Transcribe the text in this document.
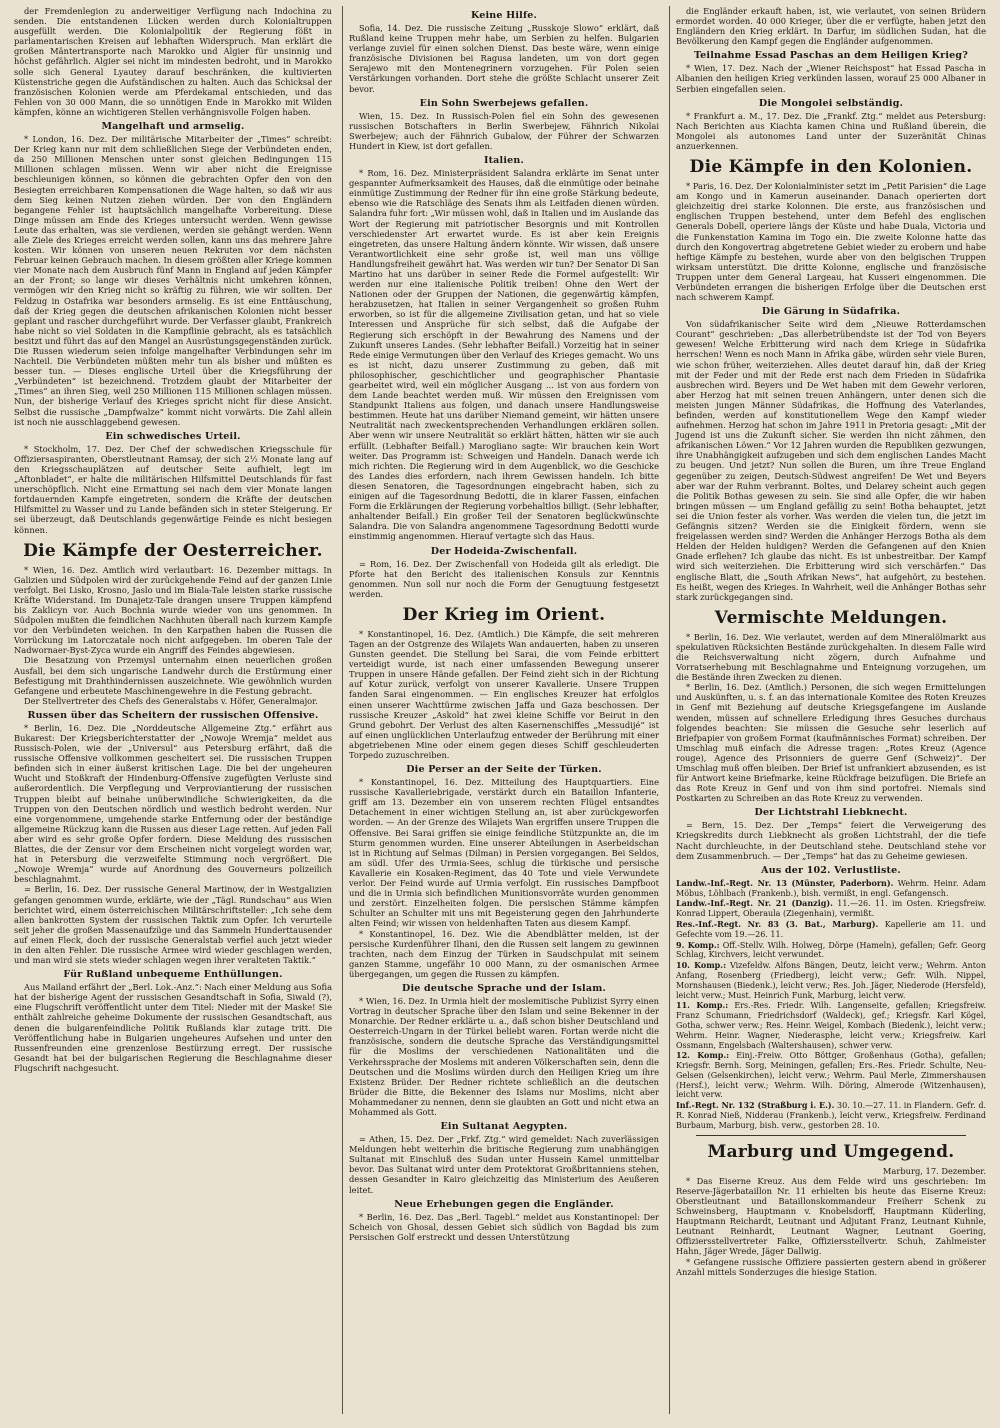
der Fremdenlegion zu anderweitiger Verfügung nach Indochina zu senden. Die entstandenen Lücken werden durch Kolonialtruppen ausgefüllt werden. Die Kolonialpolitik der Regierung fößt in parlamentarischen Kreisen auf lebhaften Widerspruch. Man erklärt die großen Mäntertransporte nach Marokko und Algier für unsinnig und höchst gefährlich. Algier sei nicht im mindesten bedroht, und in Marokko solle sich General Lyautey darauf beschränken, die kultivierten Küstenstriche gegen die Aufständischen zu halten. Auch das Schicksal der französischen Kolonien werde am Pferdekamal entschieden, und das Fehlen von 30 000 Mann, die so unnötigen Ende in Marokko mit Wilden kämpfen, könne an wichtigeren Stellen verhängnisvolle Folgen haben.

Mangelhaft und armselig.

* London, 16. Dez. Der militärische Mitarbeiter der „Times“ schreibt: Der Krieg kann nur mit dem schließlichen Siege der Verbündeten enden, da 250 Millionen Menschen unter sonst gleichen Bedingungen 115 Millionen schlagen müssen. Wenn wir aber nicht die Ereignisse beschleunigen können, so können die gebrachten Opfer den von den Besiegten erreichbaren Kompensationen die Wage halten, so daß wir aus dem Sieg keinen Nutzen ziehen würden. Der von den Engländern begangene Fehler ist hauptsächlich mangelhafte Vorbereitung. Diese Dinge müssen am Ende des Krieges untersucht werden. Wenn gewisse Leute das erhalten, was sie verdienen, werden sie gehängt werden. Wenn alle Ziele des Krieges erreicht werden sollen, kann uns das mehrere Jahre kosten. Wir können von unseren neuen Rekruten vor dem nächsten Februar keinen Gebrauch machen. In diesem größten aller Kriege kommen vier Monate nach dem Ausbruch fünf Mann in England auf jeden Kämpfer an der Front; so lange wir dieses Verhältnis nicht umkehren können, vermögen wir den Krieg nicht so kräftig zu führen, wie wir sollten. Der Feldzug in Ostafrika war besonders armselig. Es ist eine Enttäuschung, daß der Krieg gegen die deutschen afrikanischen Kolonien nicht besser geplant und rascher durchgeführt wurde. Der Verfasser glaubt, Frankreich habe nicht so viel Soldaten in die Kampflinie gebracht, als es tatsächlich besitzt und führt das auf den Mangel an Ausrüstungsgegenständen zurück. Die Russen wiederum seien infolge mangelhafter Verbindungen sehr im Nachteil. Die Verbündeten müßten mehr tun als bisher und müßten es besser tun. — Dieses englische Urteil über die Kriegsführung der „Verbündeten“ ist bezeichnend. Trotzdem glaubt der Mitarbeiter der „Times“ an ihren Sieg, weil 250 Millionen 115 Millionen schlagen müssen. Nun, der bisherige Verlauf des Krieges spricht nicht für diese Ansicht. Selbst die russische „Dampfwalze“ kommt nicht vorwärts. Die Zahl allein ist noch nie ausschlaggebend gewesen.

Ein schwedisches Urteil.

* Stockholm, 17. Dez. Der Chef der schwedischen Kriegsschule für Offiziersaspiranten, Oberstleutnant Ramsay, der sich 2½ Monate lang auf den Kriegsschauplätzen auf deutscher Seite aufhielt, legt im „Aftonbladet“, er halte die militärischen Hilfsmittel Deutschlands für fast unerschöpflich. Nicht eine Ermattung sei nach dem vier Monate langen fortdauernden Kampfe eingetreten, sondern die Kräfte der deutschen Hilfsmittel zu Wasser und zu Lande befänden sich in steter Steigerung. Er sei überzeugt, daß Deutschlands gegenwärtige Feinde es nicht besiegen können.

Die Kämpfe der Oesterreicher.

* Wien, 16. Dez. Amtlich wird verlautbart: 16. Dezember mittags. In Galizien und Südpolen wird der zurückgehende Feind auf der ganzen Linie verfolgt. Bei Lisko, Krosno, Jaslo und im Biala-Tale leisten starke russische Kräfte Widerstand. Im Dunajetz-Tale drangen unsere Truppen kämpfend bis Zaklicyn vor. Auch Bochnia wurde wieder von uns genommen. In Südpolen mußten die feindlichen Nachhuten überall nach kurzem Kampfe vor den Verbündeten weichen. In den Karpathen haben die Russen die Vorrückung im Latorczatale noch nicht aufgegeben. Im oberen Tale der Nadwornaer-Byst-Zyca wurde ein Angriff des Feindes abgewiesen.

Die Besatzung von Przemysl unternahm einen neuerlichen großen Ausfall, bei dem sich ungarische Landwehr durch die Erstürmung einer Befestigung mit Drahthindernissen auszeichnete. Wie gewöhnlich wurden Gefangene und erbeutete Maschinengewehre in die Festung gebracht.

Der Stellvertreter des Chefs des Generalstabs v. Höfer, Generalmajor.

Russen über das Scheitern der russischen Offensive.

* Berlin, 16. Dez. Die „Norddeutsche Allgemeine Ztg.“ erfährt aus Bukarest: Der Kriegsberichterstatter der „Nowoje Wremja“ meldet aus Russisch-Polen, wie der „Universul“ aus Petersburg erfährt, daß die russische Offensive vollkommen gescheitert sei. Die russischen Truppen befinden sich in einer äußerst kritischen Lage. Die bei der ungeheuren Wucht und Stoßkraft der Hindenburg-Offensive zugefügten Verluste sind außerordentlich. Die Verpflegung und Verproviantierung der russischen Truppen bleibt auf beinahe unüberwindliche Schwierigkeiten, da die Truppen von den Deutschen nördlich und westlich bedroht werden. Nur eine vorgenommene, umgehende starke Entfernung oder der beständige allgemeine Rückzug kann die Russen aus dieser Lage retten. Auf jeden Fall aber wird es sehr große Opfer fordern. Diese Meldung des russischen Blattes, die der Zensur vor dem Erscheinen nicht vorgelegt worden war, hat in Petersburg die verzweifelte Stimmung noch vergrößert. Die „Nowoje Wremja“ wurde auf Anordnung des Gouverneurs polizeilich beschlagnahmt.

= Berlin, 16. Dez. Der russische General Martinow, der in Westgalizien gefangen genommen wurde, erklärte, wie der „Tägl. Rundschau“ aus Wien berichtet wird, einem österreichischen Militärschriftsteller: „Ich sehe dem allen bankrotten System der russischen Taktik zum Opfer. Ich verurteile seit jeher die großen Massenaufzüge und das Sammeln Hunderttausender auf einen Fleck, doch der russische Generalstab verfiel auch jetzt wieder in den alten Fehler. Die russische Armee wird wieder geschlagen werden, und man wird sie stets wieder schlagen wegen ihrer veralteten Taktik.“

Für Rußland unbequeme Enthüllungen.

Aus Mailand erfährt der „Berl. Lok.-Anz.“: Nach einer Meldung aus Sofia hat der bisherige Agent der russischen Gesandtschaft in Sofia, Siwald (?), eine Flugschrift veröffentlicht unter dem Titel: Nieder mit der Maske! Sie enthält zahlreiche geheime Dokumente der russischen Gesandtschaft, aus denen die bulgarenfeindliche Politik Rußlands klar zutage tritt. Die Veröffentlichung habe in Bulgarien ungeheures Aufsehen und unter den Russenfreunden eine grenzenlose Bestürzung erregt. Der russische Gesandt hat bei der bulgarischen Regierung die Beschlagnahme dieser Flugschrift nachgesucht.

Keine Hilfe.

Sofia, 14. Dez. Die russische Zeitung „Russkoje Slowo“ erklärt, daß Rußland keine Truppen mehr habe, um Serbien zu helfen. Bulgarien verlange zuviel für einen solchen Dienst. Das beste wäre, wenn einige französische Divisionen bei Ragusa landeten, um von dort gegen Serajewo mit den Montenegrinern vorzugehen. Für Polen seien Verstärkungen vorhanden. Dort stehe die größte Schlacht unserer Zeit bevor.

Ein Sohn Swerbejews gefallen.

Wien, 15. Dez. In Russisch-Polen fiel ein Sohn des gewesenen russischen Botschafters in Berlin Swerbejew, Fähnrich Nikolai Swerbejew; auch der Fähnrich Gubalow, der Führer der Schwarzen Hundert in Kiew, ist dort gefallen.

Italien.

* Rom, 16. Dez. Ministerpräsident Salandra erklärte im Senat unter gespannter Aufmerksamkeit des Hauses, daß die einmütige oder beinahe einmütige Zustimmung der Redner für ihn eine große Stärkung bedeute, ebenso wie die Ratschläge des Senats ihm als Leitfaden dienen würden. Salandra fuhr fort: „Wir müssen wohl, daß in Italien und im Auslande das Wort der Regierung mit patriotischer Besorgnis und mit Kontrollen verschiedenster Art erwartet wurde. Es ist aber kein Ereignis eingetreten, das unsere Haltung ändern könnte. Wir wissen, daß unsere Verantwortlichkeit eine sehr große ist, weil man uns völlige Handlungsfreiheit gewährt hat. Was werden wir tun? Der Senator Di San Martino hat uns darüber in seiner Rede die Formel aufgestellt: Wir werden nur eine italienische Politik treiben! Ohne den Wert der Nationen oder der Gruppen der Nationen, die gegenwärtig kämpfen, herabzusetzen, hat Italien in seiner Vergangenheit so großen Ruhm erworben, so ist für die allgemeine Zivilisation getan, und hat so viele Interessen und Ansprüche für sich selbst, daß die Aufgabe der Regierung sich erschöpft in der Bewahrung des Namens und der Zukunft unseres Landes. (Sehr lebhafter Beifall.) Vorzeitig hat in seiner Rede einige Vermutungen über den Verlauf des Krieges gemacht. Wo uns es ist nicht, dazu unserer Zustimmung zu geben, daß mit philosophischer, geschichtlicher und geographischer Phantasie gearbeitet wird, weil ein möglicher Ausgang ... ist von aus fordern von dem Lande beachtet werden muß. Wir müssen den Ereignissen vom Standpunkt Italiens aus folgen, und danach unsere Handlungsweise bestimmen. Heute hat uns darüber Niemand gemeint, wir hätten unsere Neutralität nach zweckentsprechenden Verhandlungen erklären sollen. Aber wenn wir unsere Neutralität so erklärt hätten, hätten wir sie auch erfüllt. (Lebhafter Beifall.) Marogliano sagte: Wir brauchen kein Wort weiter. Das Programm ist: Schweigen und Handeln. Danach werde ich mich richten. Die Regierung wird in dem Augenblick, wo die Geschicke des Landes dies erfordern, nach ihrem Gewissen handeln. Ich bitte diesen Senatoren, die Tagesordnungen eingebracht haben, sich zu einigen auf die Tagesordnung Bedotti, die in klarer Fassen, einfachen Form die Erklärungen der Regierung vorbehaltlos billigt. (Sehr lebhafter, anhaltender Beifall.) Ein großer Teil der Senatoren beglückwünschte Salandra. Die von Salandra angenommene Tagesordnung Bedotti wurde einstimmig angenommen. Hierauf vertagte sich das Haus.

Der Hodeida-Zwischenfall.

= Rom, 16. Dez. Der Zwischenfall von Hodeida gilt als erledigt. Die Pforte hat den Bericht des italienischen Konsuls zur Kenntnis genommen. Nun soll nur noch die Form der Genugtuung festgesetzt werden.

Der Krieg im Orient.

* Konstantinopel, 16. Dez. (Amtlich.) Die Kämpfe, die seit mehreren Tagen an der Ostgrenze des Wilajets Wan andauerten, haben zu unseren Gunsten geendet. Die Stellung bei Sarai, die vom Feinde erbittert verteidigt wurde, ist nach einer umfassenden Bewegung unserer Truppen in unsere Hände gefallen. Der Feind zieht sich in der Richtung auf Kotur zurück, verfolgt von unserer Kavallerie. Unsere Truppen fanden Sarai eingenommen. — Ein englisches Kreuzer hat erfolglos einen unserer Wachttürme zwischen Jaffa und Gaza beschossen. Der russische Kreuzer „Askold“ hat zwei kleine Schiffe vor Beirut in den Grund gebohrt. Der Verlust des alten Kasernenschiffes „Messudijé“ ist auf einen unglücklichen Unterlaufzug entweder der Berührung mit einer abgetriebenen Mine oder einem gegen dieses Schiff geschleuderten Torpedo zuzuschreiben.

Die Perser an der Seite der Türken.

* Konstantinopel, 16. Dez. Mitteilung des Hauptquartiers. Eine russische Kavalleriebrigade, verstärkt durch ein Bataillon Infanterie, griff am 13. Dezember ein von unserem rechten Flügel entsandtes Detachement in einer wichtigen Stellung an, ist aber zurückgeworfen worden. — An der Grenze des Wilajets Wan ergriffen unsere Truppen die Offensive. Bei Sarai griffen sie einige feindliche Stützpunkte an, die im Sturm genommen wurden. Eine unserer Abteilungen in Aserbeidschan ist in Richtung auf Selmas (Dilman) in Persien vorgegangen. Bei Seldos, am südl. Ufer des Urmia-Sees, schlug die türkische und persische Kavallerie ein Kosaken-Regiment, das 40 Tote und viele Verwundete verlor. Der Feind wurde auf Urmia verfolgt. Ein russisches Dampfboot und die in Urmia sich befindlichen Munitionsvorräte wurden genommen und zerstört. Einzelheiten folgen. Die persischen Stämme kämpfen Schulter an Schulter mit uns mit Begeisterung gegen den Jahrhunderte alten Feind; wir wissen von heldenhaften Taten aus diesem Kampf.

* Konstantinopel, 16. Dez. Wie die Abendblätter melden, ist der persische Kurdenführer Ilhani, den die Russen seit langem zu gewinnen trachten, nach dem Einzug der Türken in Saudschpulat mit seinem ganzen Stamme, ungefähr 10 000 Mann, zu der osmanischen Armee übergegangen, um gegen die Russen zu kämpfen.

Die deutsche Sprache und der Islam.

* Wien, 16. Dez. In Urmia hielt der moslemitische Publizist Syrry einen Vortrag in deutscher Sprache über den Islam und seine Bekenner in der Monarchie. Der Redner erklärte u. a., daß schon bisher Deutschland und Oesterreich-Ungarn in der Türkei beliebt waren. Fortan werde nicht die französische, sondern die deutsche Sprache das Verständigungsmittel für die Moslims der verschiedenen Nationalitäten und die Verkehrssprache der Moslems mit anderen Völkerschaften sein, denn die Deutschen und die Moslims würden durch den Heiligen Krieg um ihre Existenz Brüder. Der Redner richtete schließlich an die deutschen Brüder die Bitte, die Bekenner des Islams nur Moslims, nicht aber Mohammedaner zu nennen, denn sie glaubten an Gott und nicht etwa an Mohammed als Gott.

Ein Sultanat Aegypten.

= Athen, 15. Dez. Der „Frkf. Ztg.“ wird gemeldet: Nach zuverlässigen Meldungen hebt weiterhin die britische Regierung zum unabhängigen Sultanat mit Einschluß des Sudan unter Hussein Kamel unmittelbar bevor. Das Sultanat wird unter dem Protektorat Großbritanniens stehen, dessen Gesandter in Kairo gleichzeitig das Ministerium des Aeußeren leitet.

Neue Erhebungen gegen die Engländer.

* Berlin, 16. Dez. Das „Berl. Tagebl.“ meldet aus Konstantinopel: Der Scheich von Ghosal, dessen Gebiet sich südlich von Bagdad bis zum Persischen Golf erstreckt und dessen Unterstützung

die Engländer erkauft haben, ist, wie verlautet, von seinen Brüdern ermordet worden. 40 000 Krieger, über die er verfügte, haben jetzt den Engländern den Krieg erklärt. In Darfur, im südlichen Sudan, hat die Bevölkerung den Kampf gegen die Engländer aufgenommen.

Teilnahme Essad Paschas an dem Heiligen Krieg?

* Wien, 17. Dez. Nach der „Wiener Reichspost“ hat Essad Pascha in Albanien den heiligen Krieg verkünden lassen, worauf 25 000 Albaner in Serbien eingefallen seien.

Die Mongolei selbständig.

* Frankfurt a. M., 17. Dez. Die „Frankf. Ztg.“ meldet aus Petersburg: Nach Berichten aus Kiachta kamen China und Rußland überein, die Mongolei als autonomes Land unter der Suzeränität Chinas anzuerkennen.

Die Kämpfe in den Kolonien.

* Paris, 16. Dez. Der Kolonialminister setzt im „Petit Parisien“ die Lage am Kongo und in Kamerun auseinander. Danach operierten dort gleichzeitig drei starke Kolonnen. Die erste, aus französischen und englischen Truppen bestehend, unter dem Befehl des englischen Generals Dobell, operiere längs der Küste und habe Duala, Victoria und die Funkenstation Kamina im Togo ein. Die zweite Kolonne hatte das durch den Kongovertrag abgetretene Gebiet wieder zu erobern und habe heftige Kämpfe zu bestehen, wurde aber von den belgischen Truppen wirksam unterstützt. Die dritte Kolonne, englische und französische Truppen unter dem General Largeau, hat Kusseri eingenommen. Die Verbündeten errangen die bisherigen Erfolge über die Deutschen erst nach schwerem Kampf.

Die Gärung in Südafrika.

Von südafrikanischer Seite wird dem „Nieuwe Rotterdamschen Courant“ geschrieben: „Das allerbetrübendste ist der Tod von Beyers gewesen! Welche Erbitterung wird nach dem Kriege in Südafrika herrschen! Wenn es noch Mann in Afrika gäbe, würden sehr viele Buren, wie schon früher, weiterziehen. Alles deutet darauf hin, daß der Krieg mit der Feder und mit der Rede erst nach dem Frieden in Südafrika ausbrechen wird. Beyers und De Wet haben mit dem Gewehr verloren, aber Herzog hat mit seinen treuen Anhängern, unter denen sich die meisten jungen Männer Südafrikas, die Hoffnung des Vaterlandes, befinden, werden auf konstitutionellem Wege den Kampf wieder aufnehmen. Herzog hat schon im Jahre 1911 in Pretoria gesagt: „Mit der Jugend ist uns die Zukunft sicher. Sie werden ihn nicht zähmen, den afrikanischen Löwen.“ Vor 12 Jahren wurden die Republiken gezwungen, ihre Unabhängigkeit aufzugeben und sich dem englischen Landes Macht zu beugen. Und jetzt? Nun sollen die Buren, um ihre Treue England gegenüber zu zeigen, Deutsch-Südwest angreifen! De Wet und Beyers aber war der Ruhm verbrannt. Boltes, und Delarey scheint auch gegen die Politik Bothas gewesen zu sein. Sie sind alle Opfer, die wir haben bringen müssen — um England gefällig zu sein! Botha behauptet, jetzt sei die Union fester als vorher. Was werden die vielen tun, die jetzt im Gefängnis sitzen? Werden sie die Einigkeit fördern, wenn sie freigelassen werden sind? Werden die Anhänger Herzogs Botha als dem Helden der Helden huldigen? Werden die Gefangenen auf den Knien Gnade erflehen? Ich glaube das nicht. Es ist unbestreitbar. Der Kampf wird sich weiterziehen. Die Erbitterung wird sich verschärfen.“ Das englische Blatt, die „South Afrikan News“, hat aufgehört, zu bestehen. Es heißt, wegen des Krieges. In Wahrheit, weil die Anhänger Bothas sehr stark zurückgegangen sind.

Vermischte Meldungen.

* Berlin, 16. Dez. Wie verlautet, werden auf dem Mineralölmarkt aus spekulativen Rücksichten Bestände zurückgehalten. In diesem Falle wird die Reichsverwaltung nicht zögern, durch Aufnahme und Vorratserhebung mit Beschlagnahme und Enteignung vorzugehen, um die Bestände ihren Zwecken zu dienen.

* Berlin, 16. Dez. (Amtlich.) Personen, die sich wegen Ermittelungen und Auskünften, u. s. f. an das internationale Komitee des Roten Kreuzes in Genf mit Beziehung auf deutsche Kriegsgefangene im Auslande wenden, müssen auf schnellere Erledigung ihres Gesuches durchaus folgendes beachten: Sie müssen die Gesuche sehr leserlich auf Briefpapier von großem Format (kaufmännisches Format) schreiben. Der Umschlag muß einfach die Adresse tragen: „Rotes Kreuz (Agence rouge), Agence des Prisonniers de guerre Genf (Schweiz)“. Der Umschlag muß offen bleiben. Der Brief ist unfrankiert abzusenden, es ist für Antwort keine Briefmarke, keine Rückfrage beizufügen. Die Briefe an das Rote Kreuz in Genf und von ihm sind portofrei. Niemals sind Postkarten zu Schreiben an das Rote Kreuz zu verwenden.

Der Lichtstrahl Liebknecht.

= Bern, 15. Dez. Der „Temps“ feiert die Verweigerung des Kriegskredits durch Liebknecht als großen Lichtstrahl, der die tiefe Nacht durchleuchte, in der Deutschland stehe. Deutschland stehe vor dem Zusammenbruch. — Der „Temps“ hat das zu Geheime gewiesen.

Aus der 102. Verlustliste.

Landw.-Inf.-Regt. Nr. 13 (Münster, Paderborn). Wehrm. Heinr. Adam Möbus, Löhlbach (Frankenb.), bish. vermißt, in engl. Gefangensch.

Landw.-Inf.-Regt. Nr. 21 (Danzig). 11.—26. 11. im Osten. Kriegsfreiw. Konrad Lippert, Oberaula (Ziegenhain), vermißt.

Res.-Inf.-Regt. Nr. 83 (3. Bat., Marburg). Kapellerie am 11. und Gefechte vom 19.—26. 11.

9. Komp.: Off.-Stellv. Wilh. Holweg, Dörpe (Hameln), gefallen; Gefr. Georg Schlag, Kirchvers, leicht verwundet.

10. Komp.: Vizefeldw. Alfons Bängen, Deutz, leicht verw.; Wehrm. Anton Anfang, Rosenberg (Friedberg), leicht verw.; Gefr. Wilh. Nippel, Mornshausen (Biedenk.), leicht verw.; Res. Joh. Jäger, Niederode (Hersfeld), leicht verw.; Must. Heinrich Funk, Marburg, leicht verw.

11. Komp.: Ers.-Res. Friedr. Wilh. Langenseite, gefallen; Kriegsfreiw. Franz Schumann, Friedrichsdorf (Waldeck), gef.; Kriegsfr. Karl Kögel, Gotha, schwer verw.; Res. Heinr. Weigel, Kombach (Biedenk.), leicht verw.; Wehrm. Heinr. Wagner, Niederasphe, leicht verw.; Kriegsfreiw. Karl Ossmann, Engelsbach (Waltershausen), schwer verw.

12. Komp.: Einj.-Freiw. Otto Böttger, Großenhaus (Gotha), gefallen; Kriegsfr. Bernh. Sorg, Meiningen, gefallen; Ers.-Res. Friedr. Schulte, Neu-Gelsen (Gelsenkirchen), leicht verw.; Wehrm. Paul Merle, Zimmershausen (Hersf.), leicht verw.; Wehrm. Wilh. Döring, Almerode (Witzenhausen), leicht verw.

Inf.-Regt. Nr. 132 (Straßburg i. E.). 30. 10.—27. 11. in Flandern. Gefr. d. R. Konrad Nieß, Nidderau (Frankenb.), leicht verw., Kriegsfreiw. Ferdinand Burbaum, Marburg, bish. verw., gestorben 28. 10.

Marburg und Umgegend.

Marburg, 17. Dezember.

* Das Eiserne Kreuz. Aus dem Felde wird uns geschrieben: Im Reserve-Jägerbataillon Nr. 11 erhielten bis heute das Eiserne Kreuz: Oberstleutnant und Bataillonskommandeur Freiherr Schenk zu Schweinsberg, Hauptmann v. Knobelsdorff, Hauptmann Küderling, Hauptmann Reichardt, Leutnant und Adjutant Franz, Leutnant Kuhnle, Leutnant Reinhardt, Leutnant Wagner, Leutnant Goering, Offiziersstellvertreter Falke, Offiziersstellvertr. Schuh, Zahlmeister Hahn, Jäger Wrede, Jäger Dallwig.

* Gefangene russische Offiziere passierten gestern abend in größerer Anzahl mittels Sonderzuges die hiesige Station.
